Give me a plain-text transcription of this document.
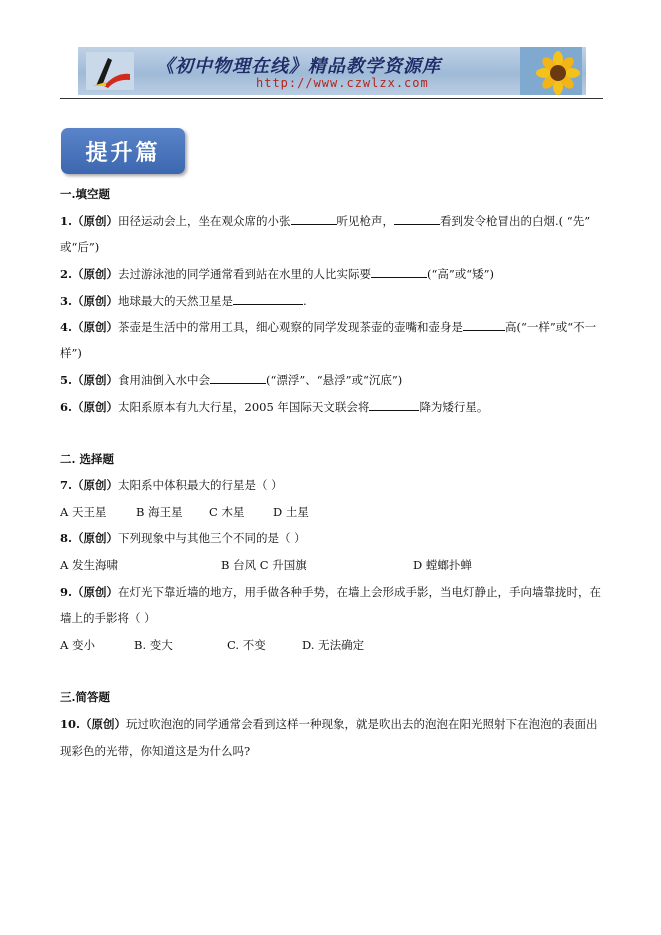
《初中物理在线》精品教学资源库
http://www.czwlzx.com
提升篇
一.填空题
1.（原创）田径运动会上，坐在观众席的小张	听见枪声，	看到发令枪冒出的白烟.( “先”
或“后”)
2.（原创）去过游泳池的同学通常看到站在水里的人比实际要	(“高”或“矮”)
3.（原创）地球最大的天然卫星是	.
4.（原创）茶壶是生活中的常用工具，细心观察的同学发现茶壶的壶嘴和壶身是	高(“一样”或“不一
样”)
5.（原创）食用油倒入水中会	(“漂浮”、“悬浮”或“沉底”)
6.（原创）太阳系原本有九大行星，2005 年国际天文联会将	降为矮行星。
二. 选择题
7.（原创）太阳系中体积最大的行星是（ ）
A 天王星	B 海王星 C 木星 D 土星
8.（原创）下列现象中与其他三个不同的是（ ）
A 发生海啸	B 台风 C 升国旗	D 螳螂扑蝉
9.（原创）在灯光下靠近墙的地方，用手做各种手势，在墙上会形成手影，当电灯静止，手向墙靠拢时，在
墙上的手影将（ ）
A 变小	B. 变大	C. 不变	D. 无法确定
三.简答题
10.（原创）玩过吹泡泡的同学通常会看到这样一种现象，就是吹出去的泡泡在阳光照射下在泡泡的表面出
现彩色的光带，你知道这是为什么吗?
